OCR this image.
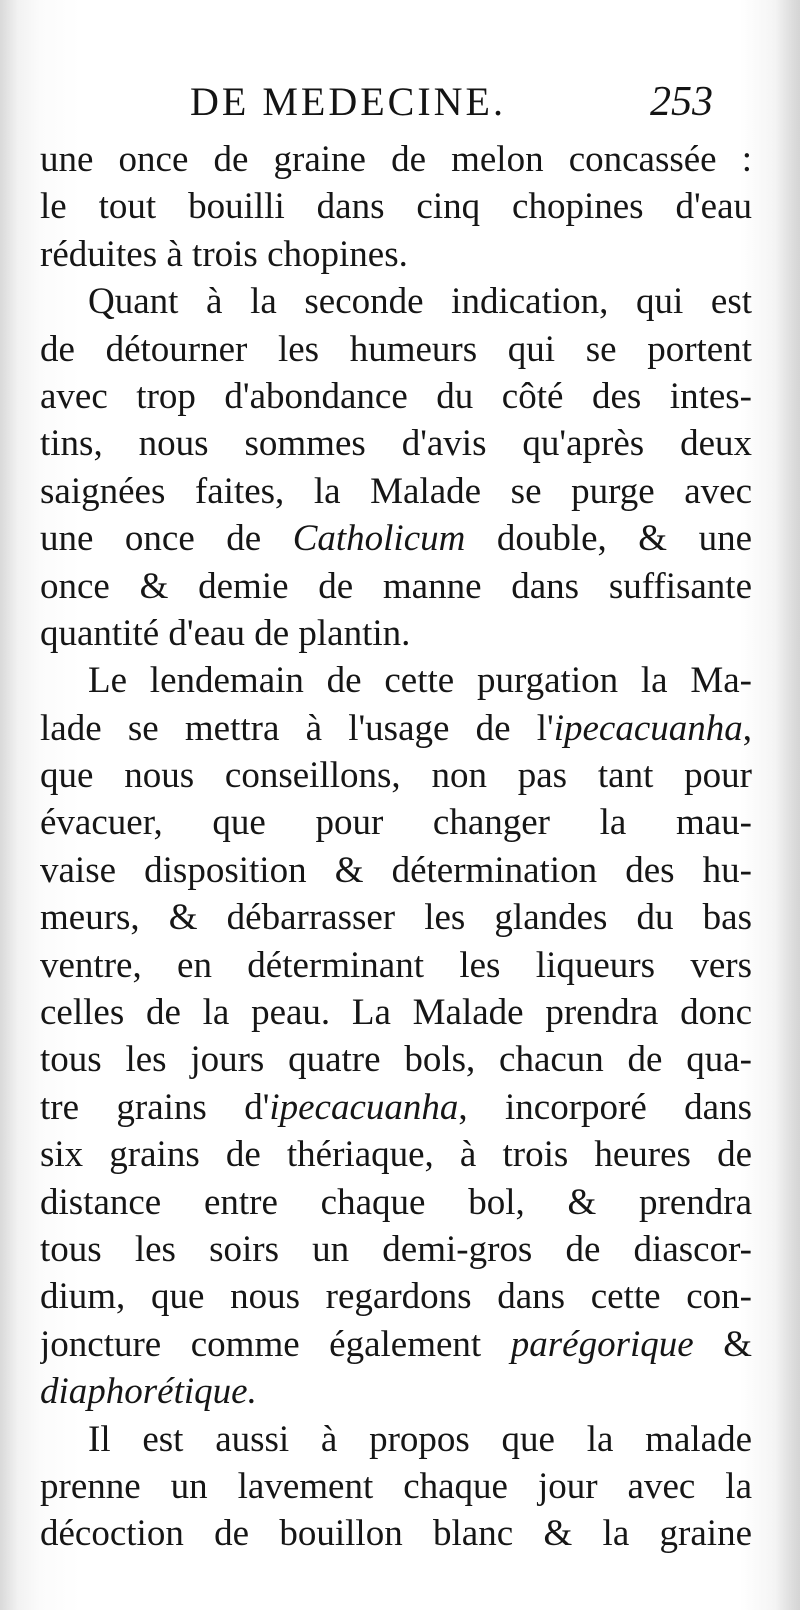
DE MEDECINE.	253
une once de graine de melon concassée :
le tout bouilli dans cinq chopines d'eau
réduites à trois chopines.
Quant à la seconde indication, qui est
de détourner les humeurs qui se portent
avec trop d'abondance du côté des intes-
tins, nous sommes d'avis qu'après deux
saignées faites, la Malade se purge avec
une once de Catholicum double, & une
once & demie de manne dans suffisante
quantité d'eau de plantin.
Le lendemain de cette purgation la Ma-
lade se mettra à l'usage de l'ipecacuanha,
que nous conseillons, non pas tant pour
évacuer, que pour changer la mau-
vaise disposition & détermination des hu-
meurs, & débarrasser les glandes du bas
ventre, en déterminant les liqueurs vers
celles de la peau. La Malade prendra donc
tous les jours quatre bols, chacun de qua-
tre grains d'ipecacuanha, incorporé dans
six grains de thériaque, à trois heures de
distance entre chaque bol, & prendra
tous les soirs un demi-gros de diascor-
dium, que nous regardons dans cette con-
joncture comme également parégorique &
diaphorétique.
Il est aussi à propos que la malade
prenne un lavement chaque jour avec la
décoction de bouillon blanc & la graine
